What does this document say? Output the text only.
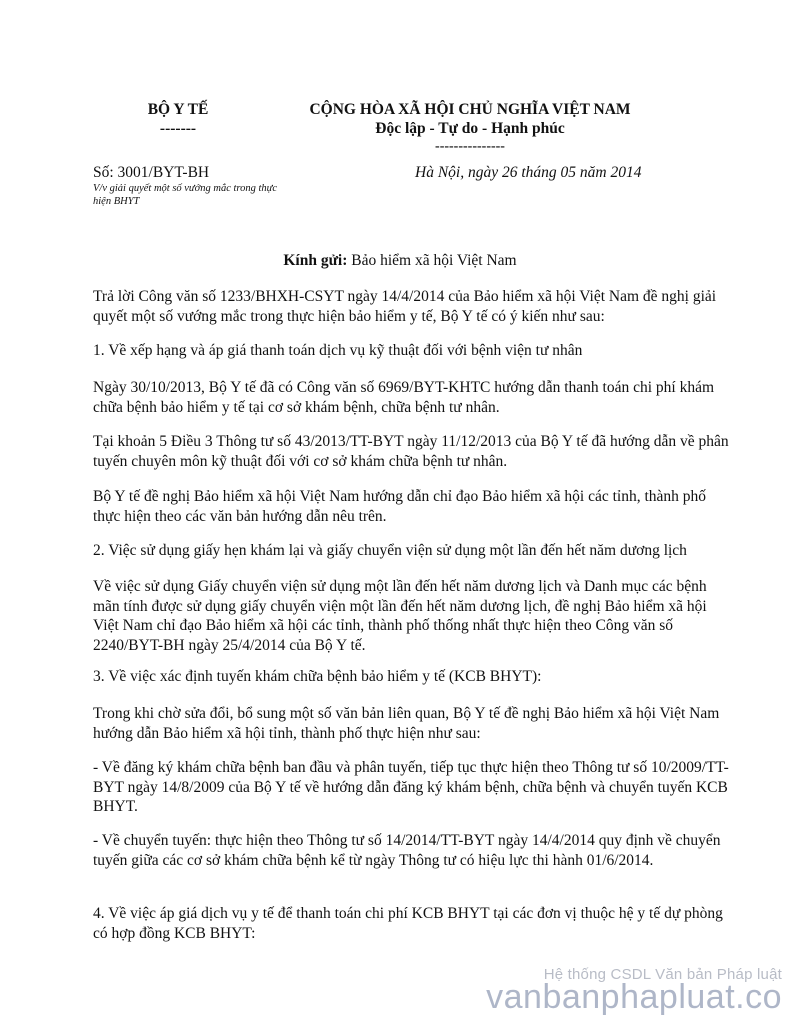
BỘ Y TẾ
-------
CỘNG HÒA XÃ HỘI CHỦ NGHĨA VIỆT NAM
Độc lập - Tự do - Hạnh phúc
---------------
Số: 3001/BYT-BH
V/v giải quyết một số vướng mắc trong thực
hiện BHYT
Hà Nội, ngày 26 tháng 05 năm 2014
Kính gửi: Bảo hiểm xã hội Việt Nam

Trả lời Công văn số 1233/BHXH-CSYT ngày 14/4/2014 của Bảo hiểm xã hội Việt Nam đề nghị giải quyết một số vướng mắc trong thực hiện bảo hiểm y tế, Bộ Y tế có ý kiến như sau:

1. Về xếp hạng và áp giá thanh toán dịch vụ kỹ thuật đối với bệnh viện tư nhân

Ngày 30/10/2013, Bộ Y tế đã có Công văn số 6969/BYT-KHTC hướng dẫn thanh toán chi phí khám chữa bệnh bảo hiểm y tế tại cơ sở khám bệnh, chữa bệnh tư nhân.

Tại khoản 5 Điều 3 Thông tư số 43/2013/TT-BYT ngày 11/12/2013 của Bộ Y tế đã hướng dẫn về phân tuyến chuyên môn kỹ thuật đối với cơ sở khám chữa bệnh tư nhân.

Bộ Y tế đề nghị Bảo hiểm xã hội Việt Nam hướng dẫn chỉ đạo Bảo hiểm xã hội các tỉnh, thành phố thực hiện theo các văn bản hướng dẫn nêu trên.

2. Việc sử dụng giấy hẹn khám lại và giấy chuyển viện sử dụng một lần đến hết năm dương lịch

Về việc sử dụng Giấy chuyển viện sử dụng một lần đến hết năm dương lịch và Danh mục các bệnh mãn tính được sử dụng giấy chuyển viện một lần đến hết năm dương lịch, đề nghị Bảo hiểm xã hội Việt Nam chỉ đạo Bảo hiểm xã hội các tỉnh, thành phố thống nhất thực hiện theo Công văn số 2240/BYT-BH ngày 25/4/2014 của Bộ Y tế.

3. Về việc xác định tuyến khám chữa bệnh bảo hiểm y tế (KCB BHYT):

Trong khi chờ sửa đổi, bổ sung một số văn bản liên quan, Bộ Y tế đề nghị Bảo hiểm xã hội Việt Nam hướng dẫn Bảo hiểm xã hội tỉnh, thành phố thực hiện như sau:

- Về đăng ký khám chữa bệnh ban đầu và phân tuyến, tiếp tục thực hiện theo Thông tư số 10/2009/TT-BYT ngày 14/8/2009 của Bộ Y tế về hướng dẫn đăng ký khám bệnh, chữa bệnh và chuyển tuyến KCB BHYT.

- Về chuyển tuyến: thực hiện theo Thông tư số 14/2014/TT-BYT ngày 14/4/2014 quy định về chuyển tuyến giữa các cơ sở khám chữa bệnh kể từ ngày Thông tư có hiệu lực thi hành 01/6/2014.

4. Về việc áp giá dịch vụ y tế để thanh toán chi phí KCB BHYT tại các đơn vị thuộc hệ y tế dự phòng có hợp đồng KCB BHYT:

Hệ thống CSDL Văn bản Pháp luật
vanbanphapluat.co
